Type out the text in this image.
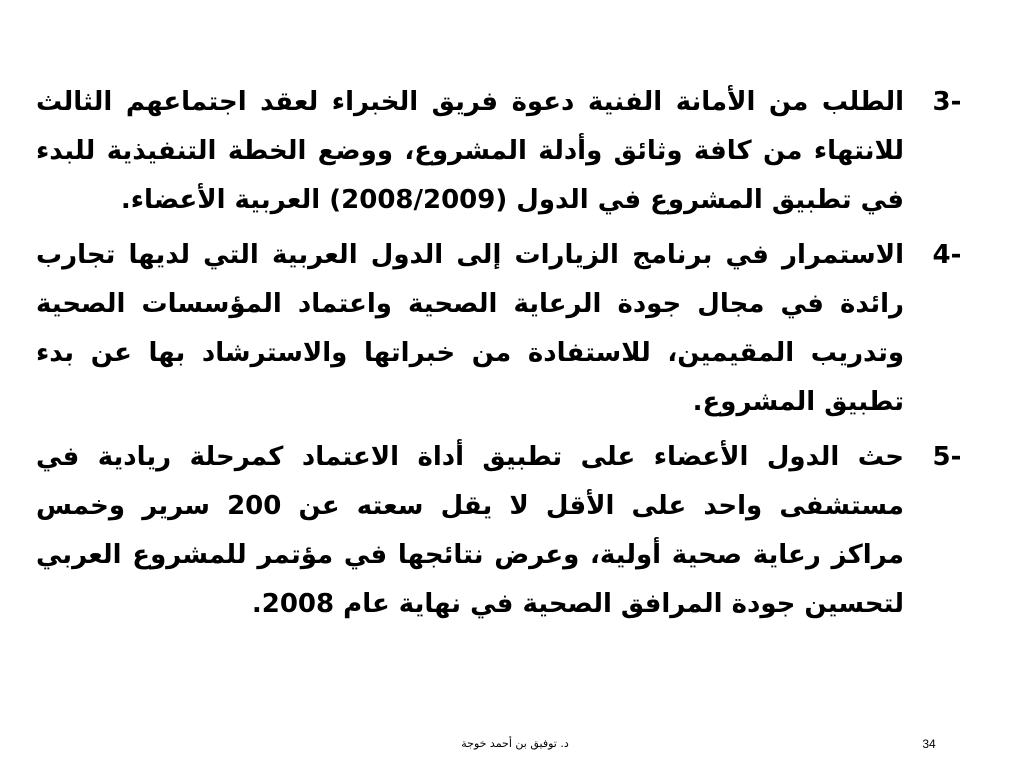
3-
الطلب من الأمانة الفنية دعوة فريق الخبراء لعقد اجتماعهم الثالث للانتهاء من كافة وثائق وأدلة المشروع، ووضع الخطة التنفيذية للبدء في تطبيق المشروع في الدول (2008/2009) العربية الأعضاء.
4-
الاستمرار في برنامج الزيارات إلى الدول العربية التي لديها تجارب رائدة في مجال جودة الرعاية الصحية واعتماد المؤسسات الصحية وتدريب المقيمين، للاستفادة من خبراتها والاسترشاد بها عن بدء تطبيق المشروع.
5-
حث الدول الأعضاء على تطبيق أداة الاعتماد كمرحلة ريادية في مستشفى واحد على الأقل لا يقل سعته عن 200 سرير وخمس مراكز رعاية صحية أولية، وعرض نتائجها في مؤتمر للمشروع العربي لتحسين جودة المرافق الصحية في نهاية عام 2008.
د. توفيق بن أحمد خوجة	34
